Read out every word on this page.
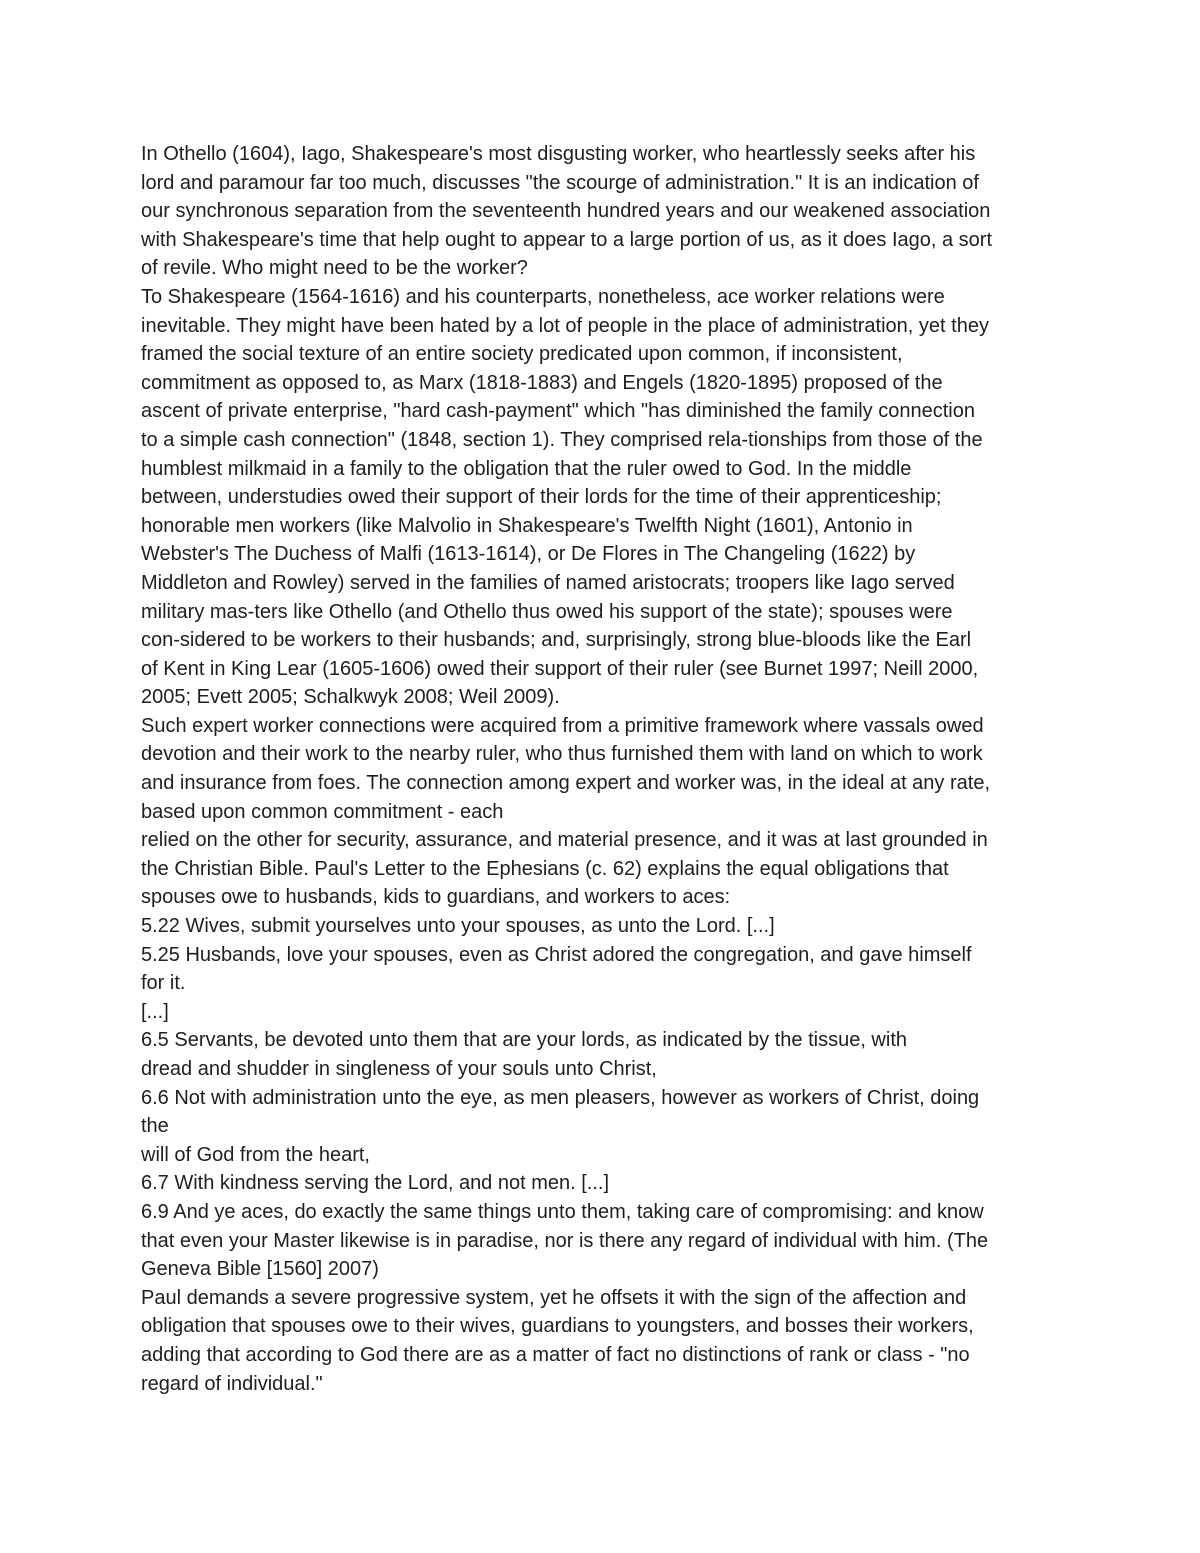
In Othello (1604), Iago, Shakespeare's most disgusting worker, who heartlessly seeks after his
lord and paramour far too much, discusses "the scourge of administration." It is an indication of
our synchronous separation from the seventeenth hundred years and our weakened association
with Shakespeare's time that help ought to appear to a large portion of us, as it does Iago, a sort
of revile. Who might need to be the worker?
To Shakespeare (1564-1616) and his counterparts, nonetheless, ace worker relations were
inevitable. They might have been hated by a lot of people in the place of administration, yet they
framed the social texture of an entire society predicated upon common, if inconsistent,
commitment as opposed to, as Marx (1818-1883) and Engels (1820-1895) proposed of the
ascent of private enterprise, "hard cash-payment" which "has diminished the family connection
to a simple cash connection" (1848, section 1). They comprised rela-tionships from those of the
humblest milkmaid in a family to the obligation that the ruler owed to God. In the middle
between, understudies owed their support of their lords for the time of their apprenticeship;
honorable men workers (like Malvolio in Shakespeare's Twelfth Night (1601), Antonio in
Webster's The Duchess of Malfi (1613-1614), or De Flores in The Changeling (1622) by
Middleton and Rowley) served in the families of named aristocrats; troopers like Iago served
military mas-ters like Othello (and Othello thus owed his support of the state); spouses were
con-sidered to be workers to their husbands; and, surprisingly, strong blue-bloods like the Earl
of Kent in King Lear (1605-1606) owed their support of their ruler (see Burnet 1997; Neill 2000,
2005; Evett 2005; Schalkwyk 2008; Weil 2009).
Such expert worker connections were acquired from a primitive framework where vassals owed
devotion and their work to the nearby ruler, who thus furnished them with land on which to work
and insurance from foes. The connection among expert and worker was, in the ideal at any rate,
based upon common commitment - each
relied on the other for security, assurance, and material presence, and it was at last grounded in
the Christian Bible. Paul's Letter to the Ephesians (c. 62) explains the equal obligations that
spouses owe to husbands, kids to guardians, and workers to aces:
5.22 Wives, submit yourselves unto your spouses, as unto the Lord. [...]
5.25 Husbands, love your spouses, even as Christ adored the congregation, and gave himself
for it.
[...]
6.5 Servants, be devoted unto them that are your lords, as indicated by the tissue, with
dread and shudder in singleness of your souls unto Christ,
6.6 Not with administration unto the eye, as men pleasers, however as workers of Christ, doing
the
will of God from the heart,
6.7 With kindness serving the Lord, and not men. [...]
6.9 And ye aces, do exactly the same things unto them, taking care of compromising: and know
that even your Master likewise is in paradise, nor is there any regard of individual with him. (The
Geneva Bible [1560] 2007)
Paul demands a severe progressive system, yet he offsets it with the sign of the affection and
obligation that spouses owe to their wives, guardians to youngsters, and bosses their workers,
adding that according to God there are as a matter of fact no distinctions of rank or class - "no
regard of individual."
